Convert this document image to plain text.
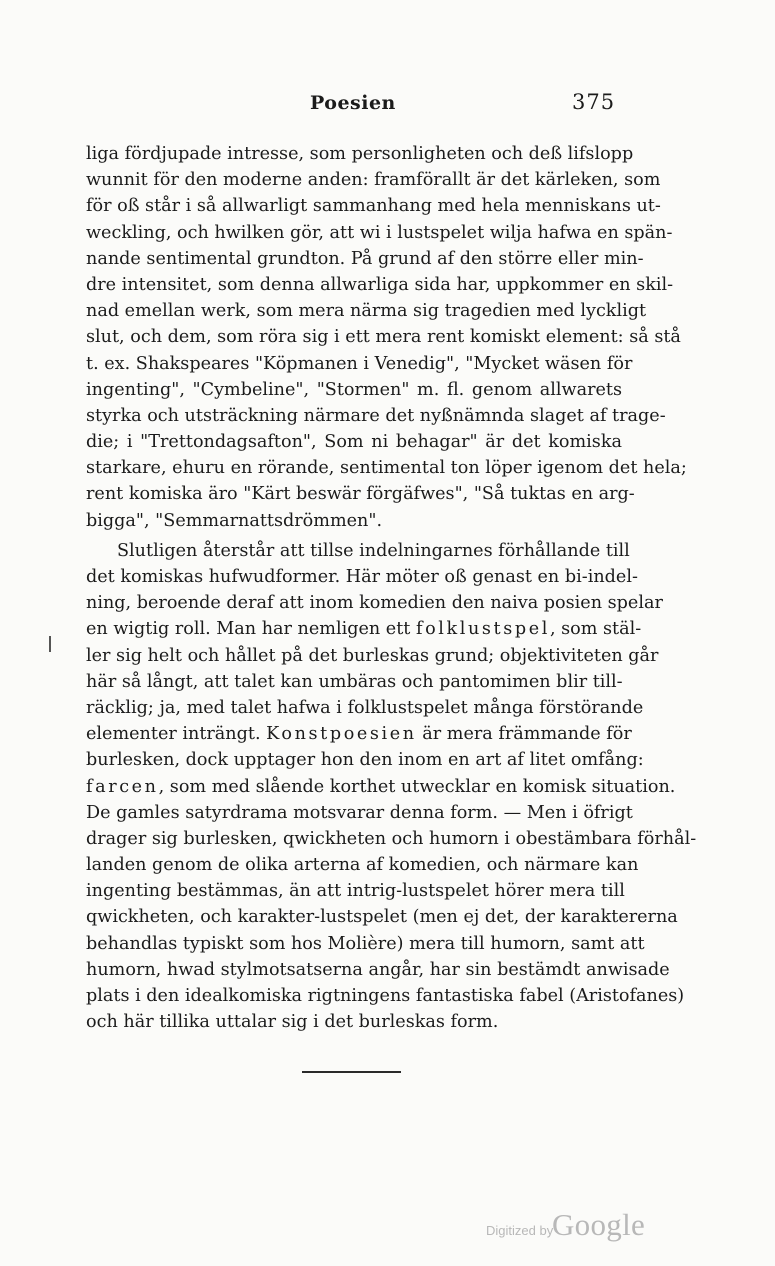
Poesien	375
liga fördjupade intresse, som personligheten och deß lifslopp
wunnit för den moderne anden: framförallt är det kärleken, som
för oß står i så allwarligt sammanhang med hela menniskans ut-
weckling, och hwilken gör, att wi i lustspelet wilja hafwa en spän-
nande sentimental grundton. På grund af den större eller min-
dre intensitet, som denna allwarliga sida har, uppkommer en skil-
nad emellan werk, som mera närma sig tragedien med lyckligt
slut, och dem, som röra sig i ett mera rent komiskt element: så stå
t. ex. Shakspeares "Köpmanen i Venedig", "Mycket wäsen för
ingenting", "Cymbeline", "Stormen" m. fl. genom allwarets
styrka och utsträckning närmare det nyßnämnda slaget af trage-
die; i "Trettondagsafton", Som ni behagar" är det komiska
starkare, ehuru en rörande, sentimental ton löper igenom det hela;
rent komiska äro "Kärt beswär förgäfwes", "Så tuktas en arg-
bigga", "Semmarnattsdrömmen".
Slutligen återstår att tillse indelningarnes förhållande till
det komiskas hufwudformer. Här möter oß genast en bi-indel-
ning, beroende deraf att inom komedien den naiva posien spelar
en wigtig roll. Man har nemligen ett folklustspel, som stäl-
ler sig helt och hållet på det burleskas grund; objektiviteten går
här så långt, att talet kan umbäras och pantomimen blir till-
räcklig; ja, med talet hafwa i folklustspelet många förstörande
elementer inträngt. Konstpoesien är mera främmande för
burlesken, dock upptager hon den inom en art af litet omfång:
farcen, som med slående korthet utwecklar en komisk situation.
De gamles satyrdrama motsvarar denna form. — Men i öfrigt
drager sig burlesken, qwickheten och humorn i obestämbara förhål-
landen genom de olika arterna af komedien, och närmare kan
ingenting bestämmas, än att intrig-lustspelet hörer mera till
qwickheten, och karakter-lustspelet (men ej det, der karaktererna
behandlas typiskt som hos Molière) mera till humorn, samt att
humorn, hwad stylmotsatserna angår, har sin bestämdt anwisade
plats i den idealkomiska rigtningens fantastiska fabel (Aristofanes)
och här tillika uttalar sig i det burleskas form.
Digitized by
Google
